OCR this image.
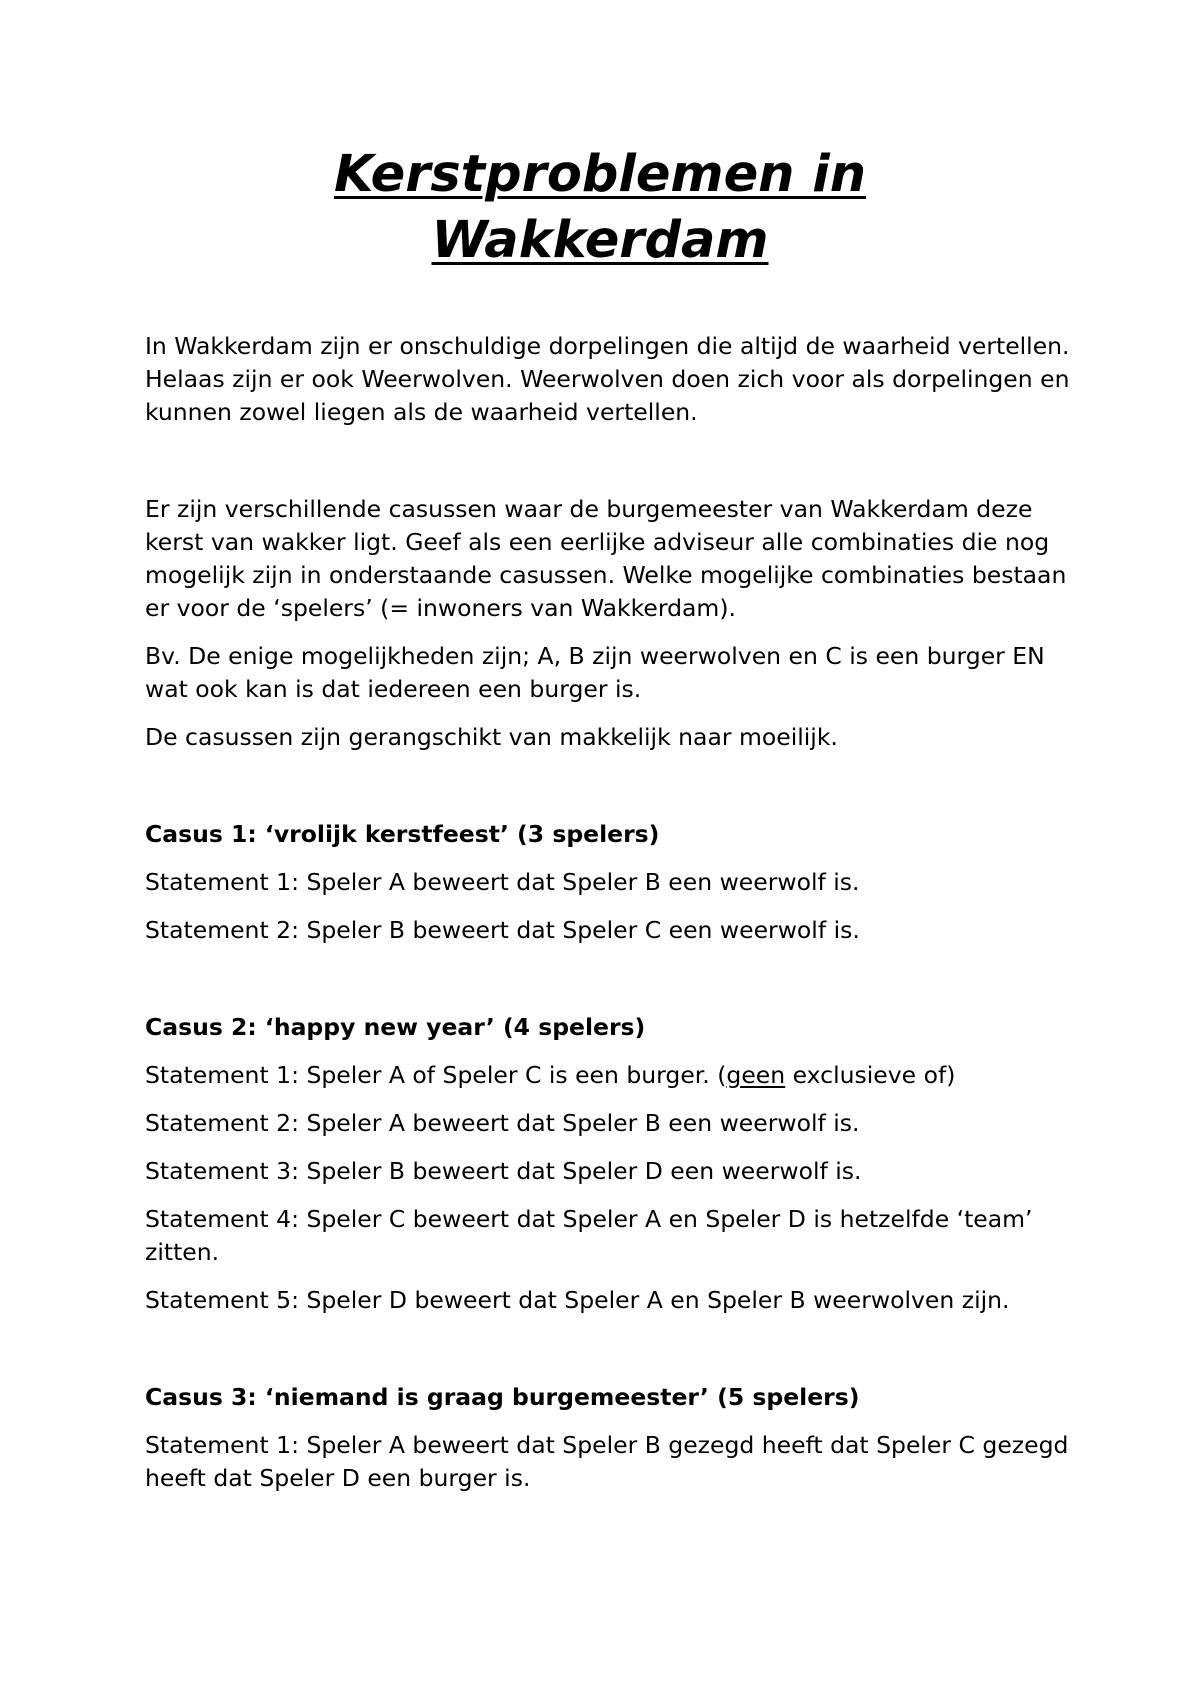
Kerstproblemen in
Wakkerdam

In Wakkerdam zijn er onschuldige dorpelingen die altijd de waarheid vertellen. Helaas zijn er ook Weerwolven. Weerwolven doen zich voor als dorpelingen en kunnen zowel liegen als de waarheid vertellen.

Er zijn verschillende casussen waar de burgemeester van Wakkerdam deze kerst van wakker ligt. Geef als een eerlijke adviseur alle combinaties die nog mogelijk zijn in onderstaande casussen. Welke mogelijke combinaties bestaan er voor de ‘spelers’ (= inwoners van Wakkerdam).

Bv. De enige mogelijkheden zijn; A, B zijn weerwolven en C is een burger EN wat ook kan is dat iedereen een burger is.

De casussen zijn gerangschikt van makkelijk naar moeilijk.

Casus 1: ‘vrolijk kerstfeest’ (3 spelers)

Statement 1: Speler A beweert dat Speler B een weerwolf is.

Statement 2: Speler B beweert dat Speler C een weerwolf is.

Casus 2: ‘happy new year’ (4 spelers)

Statement 1: Speler A of Speler C is een burger. (geen exclusieve of)

Statement 2: Speler A beweert dat Speler B een weerwolf is.

Statement 3: Speler B beweert dat Speler D een weerwolf is.

Statement 4: Speler C beweert dat Speler A en Speler D is hetzelfde ‘team’ zitten.

Statement 5: Speler D beweert dat Speler A en Speler B weerwolven zijn.

Casus 3: ‘niemand is graag burgemeester’ (5 spelers)

Statement 1: Speler A beweert dat Speler B gezegd heeft dat Speler C gezegd heeft dat Speler D een burger is.
